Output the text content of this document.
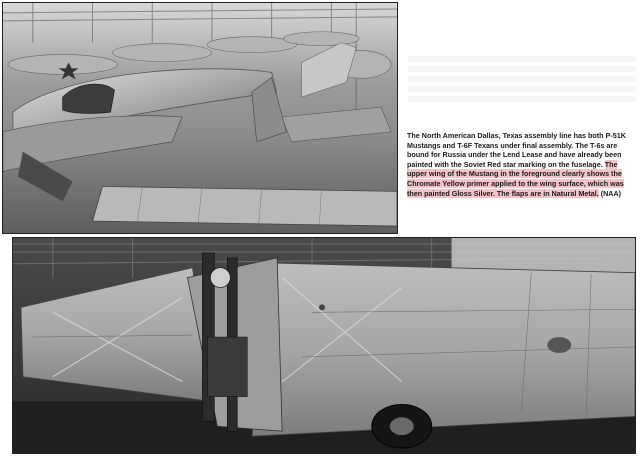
The North American Dallas, Texas assembly line has both P-51K Mustangs and T-6F Texans under final assembly. The T-6s are bound for Russia under the Lend Lease and have already been painted with the Soviet Red star marking on the fuselage. The upper wing of the Mustang in the foreground clearly shows the Chromate Yellow primer applied to the wing surface, which was then painted Gloss Silver. The flaps are in Natural Metal. (NAA)
